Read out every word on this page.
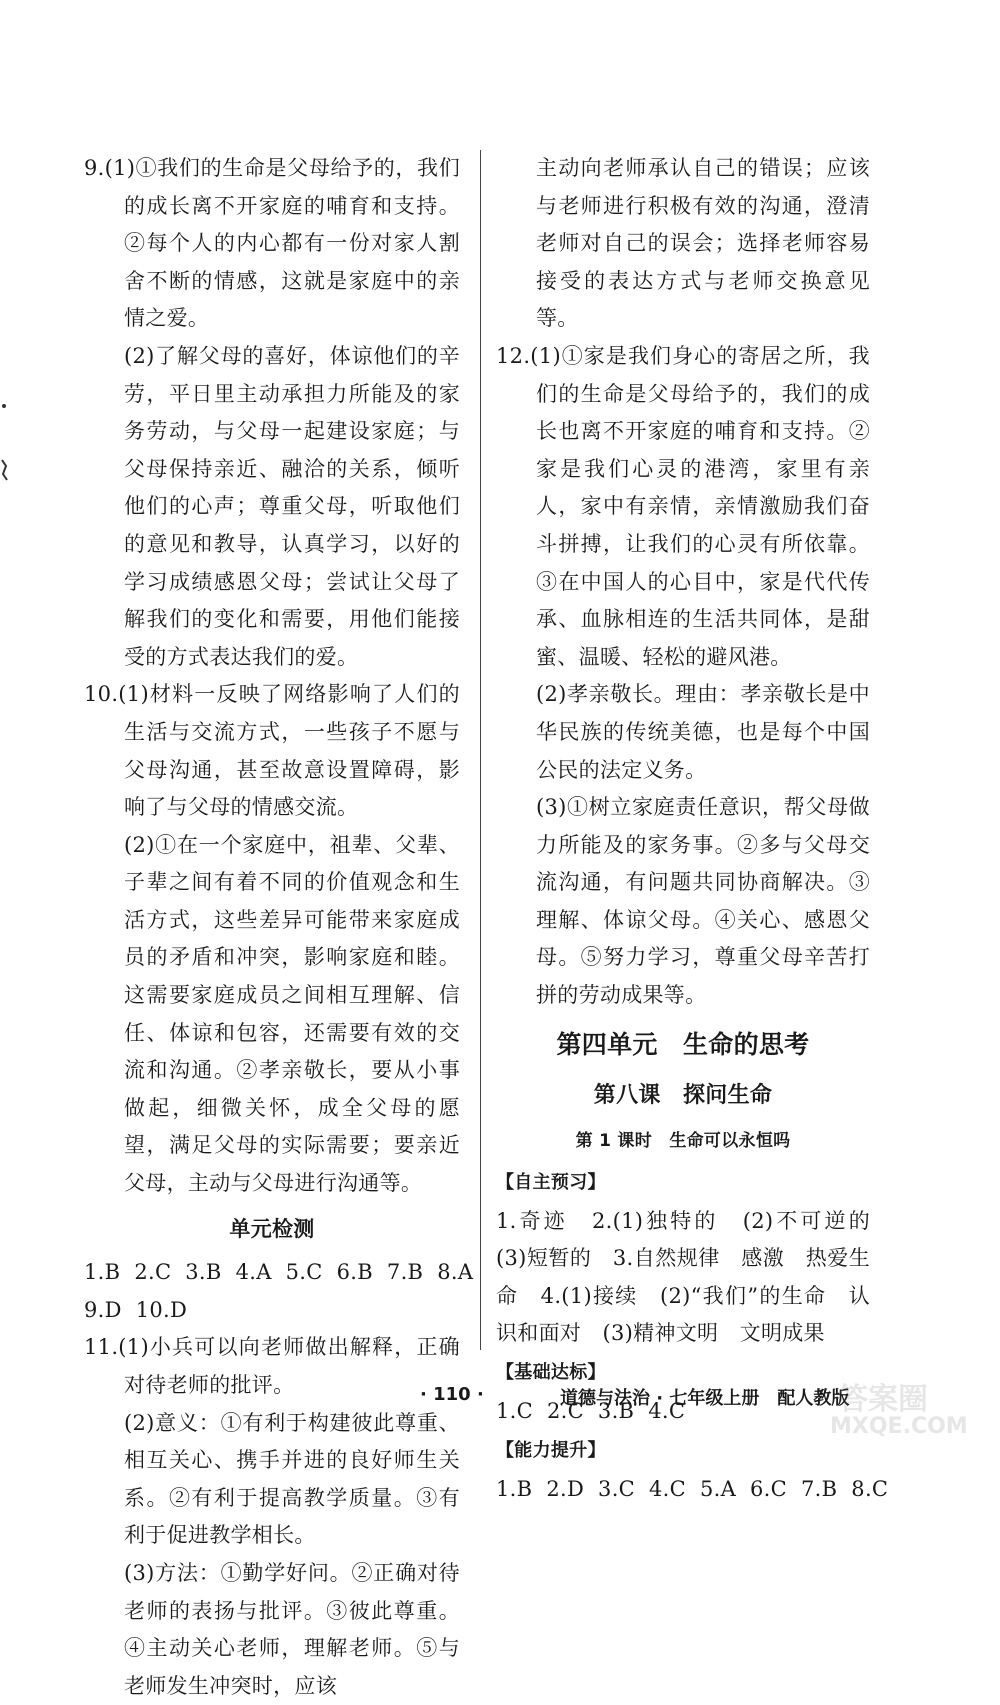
9.(1)①我们的生命是父母给予的，我们的成长离不开家庭的哺育和支持。②每个人的内心都有一份对家人割舍不断的情感，这就是家庭中的亲情之爱。

(2)了解父母的喜好，体谅他们的辛劳，平日里主动承担力所能及的家务劳动，与父母一起建设家庭；与父母保持亲近、融洽的关系，倾听他们的心声；尊重父母，听取他们的意见和教导，认真学习，以好的学习成绩感恩父母；尝试让父母了解我们的变化和需要，用他们能接受的方式表达我们的爱。

10.(1)材料一反映了网络影响了人们的生活与交流方式，一些孩子不愿与父母沟通，甚至故意设置障碍，影响了与父母的情感交流。

(2)①在一个家庭中，祖辈、父辈、子辈之间有着不同的价值观念和生活方式，这些差异可能带来家庭成员的矛盾和冲突，影响家庭和睦。这需要家庭成员之间相互理解、信任、体谅和包容，还需要有效的交流和沟通。②孝亲敬长，要从小事做起，细微关怀，成全父母的愿望，满足父母的实际需要；要亲近父母，主动与父母进行沟通等。

单元检测

1.B  2.C  3.B  4.A  5.C  6.B  7.B  8.A

9.D  10.D

11.(1)小兵可以向老师做出解释，正确对待老师的批评。

(2)意义：①有利于构建彼此尊重、相互关心、携手并进的良好师生关系。②有利于提高教学质量。③有利于促进教学相长。

(3)方法：①勤学好问。②正确对待老师的表扬与批评。③彼此尊重。④主动关心老师，理解老师。⑤与老师发生冲突时，应该

主动向老师承认自己的错误；应该与老师进行积极有效的沟通，澄清老师对自己的误会；选择老师容易接受的表达方式与老师交换意见等。

12.(1)①家是我们身心的寄居之所，我们的生命是父母给予的，我们的成长也离不开家庭的哺育和支持。②家是我们心灵的港湾，家里有亲人，家中有亲情，亲情激励我们奋斗拼搏，让我们的心灵有所依靠。③在中国人的心目中，家是代代传承、血脉相连的生活共同体，是甜蜜、温暖、轻松的避风港。

(2)孝亲敬长。理由：孝亲敬长是中华民族的传统美德，也是每个中国公民的法定义务。

(3)①树立家庭责任意识，帮父母做力所能及的家务事。②多与父母交流沟通，有问题共同协商解决。③理解、体谅父母。④关心、感恩父母。⑤努力学习，尊重父母辛苦打拼的劳动成果等。

第四单元　生命的思考

第八课　探问生命

第 1 课时　生命可以永恒吗

【自主预习】

1.奇迹　2.(1)独特的　(2)不可逆的　(3)短暂的　3.自然规律　感激　热爱生命　4.(1)接续　(2)“我们”的生命　认识和面对　(3)精神文明　文明成果

【基础达标】

1.C  2.C  3.B  4.C

【能力提升】

1.B  2.D  3.C  4.C  5.A  6.C  7.B  8.C

· 110 ·	道德与法治 · 七年级上册　配人教版
答案圈
MXQE.COM
